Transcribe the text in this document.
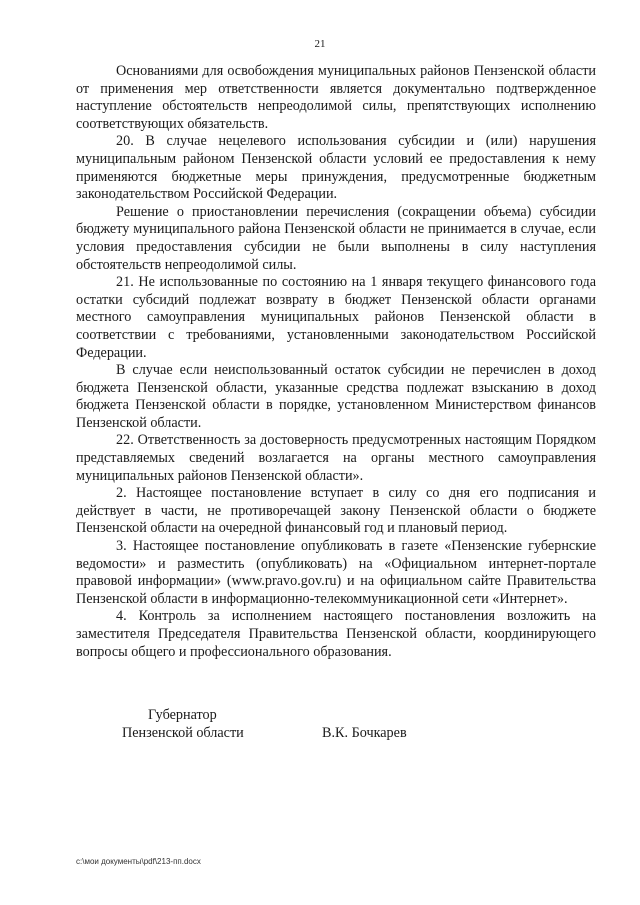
21

Основаниями для освобождения муниципальных районов Пензенской области от применения мер ответственности является документально подтвержденное наступление обстоятельств непреодолимой силы, препятствующих исполнению соответствующих обязательств.

20. В случае нецелевого использования субсидии и (или) нарушения муниципальным районом Пензенской области условий ее предоставления к нему применяются бюджетные меры принуждения, предусмотренные бюджетным законодательством Российской Федерации.

Решение о приостановлении перечисления (сокращении объема) субсидии бюджету муниципального района Пензенской области не принимается в случае, если условия предоставления субсидии не были выполнены в силу наступления обстоятельств непреодолимой силы.

21. Не использованные по состоянию на 1 января текущего финансового года остатки субсидий подлежат возврату в бюджет Пензенской области органами местного самоуправления муниципальных районов Пензенской области в соответствии с требованиями, установленными законодательством Российской Федерации.

В случае если неиспользованный остаток субсидии не перечислен в доход бюджета Пензенской области, указанные средства подлежат взысканию в доход бюджета Пензенской области в порядке, установленном Министерством финансов Пензенской области.

22. Ответственность за достоверность предусмотренных настоящим Порядком представляемых сведений возлагается на органы местного самоуправления муниципальных районов Пензенской области».

2. Настоящее постановление вступает в силу со дня его подписания и действует в части, не противоречащей закону Пензенской области о бюджете Пензенской области на очередной финансовый год и плановый период.

3. Настоящее постановление опубликовать в газете «Пензенские губернские ведомости» и разместить (опубликовать) на «Официальном интернет-портале правовой информации» (www.pravo.gov.ru) и на официальном сайте Правительства Пензенской области в информационно-телекоммуникационной сети «Интернет».

4. Контроль за исполнением настоящего постановления возложить на заместителя Председателя Правительства Пензенской области, координирующего вопросы общего и профессионального образования.

Губернатор
Пензенской области	В.К. Бочкарев
c:\мои документы\pdf\213-пп.docx
